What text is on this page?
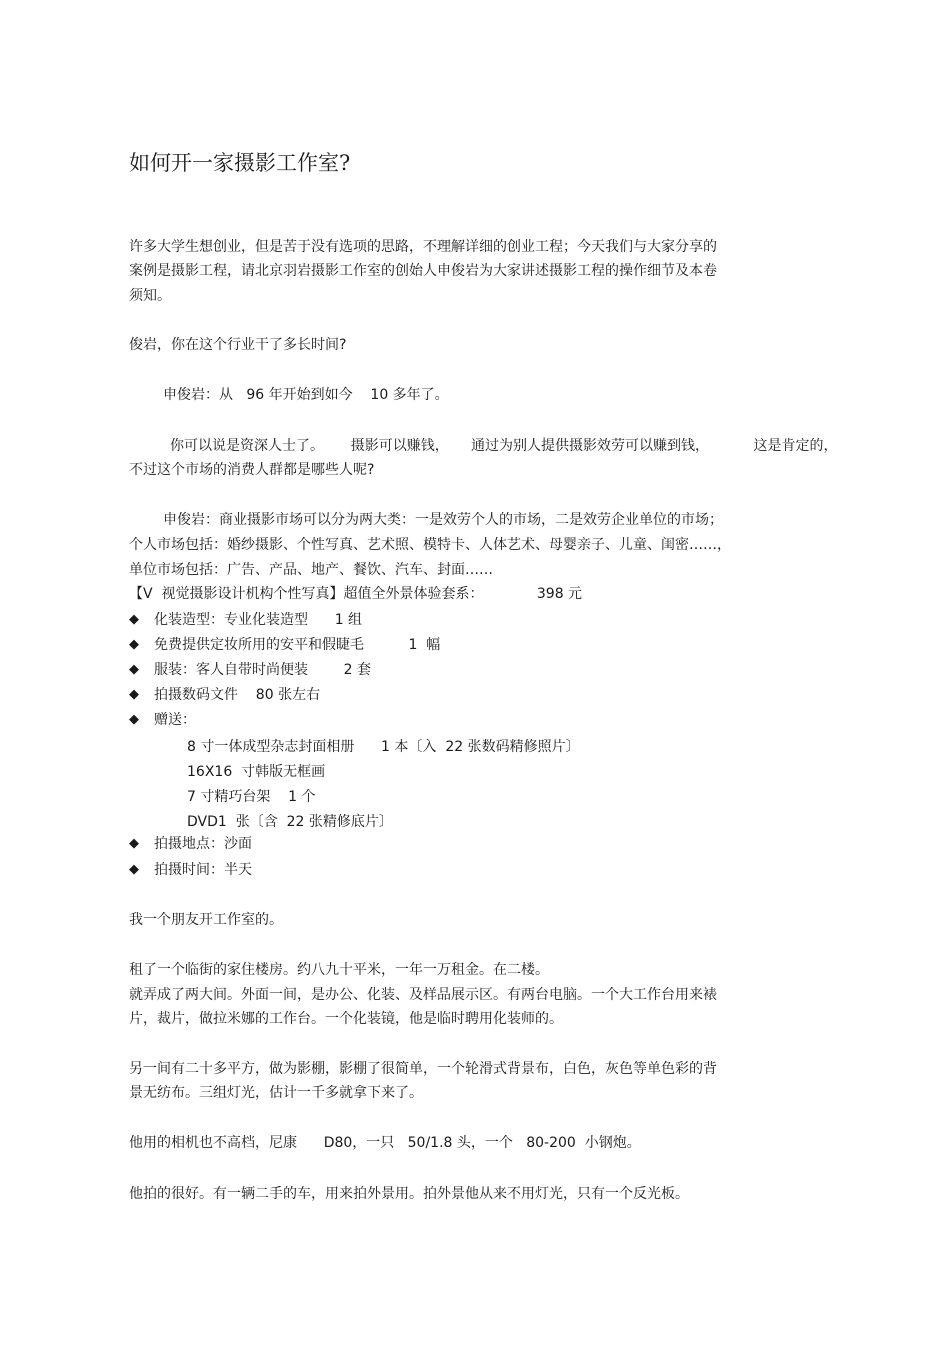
如何开一家摄影工作室?
许多大学生想创业，但是苦于没有选项的思路，不理解详细的创业工程；今天我们与大家分享的
案例是摄影工程，请北京羽岩摄影工作室的创始人申俊岩为大家讲述摄影工程的操作细节及本卷
须知。
俊岩，你在这个行业干了多长时间?
申俊岩：从   96 年开始到如今    10 多年了。
你可以说是资深人士了。      摄影可以赚钱，     通过为别人提供摄影效劳可以赚到钱，          这是肯定的，
不过这个市场的消费人群都是哪些人呢?
申俊岩：商业摄影市场可以分为两大类：一是效劳个人的市场，二是效劳企业单位的市场；
个人市场包括：婚纱摄影、个性写真、艺术照、模特卡、人体艺术、母婴亲子、儿童、闺密……，
单位市场包括：广告、产品、地产、餐饮、汽车、封面……
【V  视觉摄影设计机构个性写真】超值全外景体验套系：            398 元
◆ 化装造型：专业化装造型      1 组
◆ 免费提供定妆所用的安平和假睫毛          1  幅
◆ 服装：客人自带时尚便装        2 套
◆ 拍摄数码文件    80 张左右
◆ 赠送：
8 寸一体成型杂志封面相册      1 本〔入  22 张数码精修照片〕
16X16  寸韩版无框画
7 寸精巧台架    1 个
DVD1  张〔含  22 张精修底片〕
◆ 拍摄地点：沙面
◆ 拍摄时间：半天
我一个朋友开工作室的。
租了一个临街的家住楼房。约八九十平米，一年一万租金。在二楼。
就弄成了两大间。外面一间，是办公、化装、及样品展示区。有两台电脑。一个大工作台用来裱
片，裁片，做拉米娜的工作台。一个化装镜，他是临时聘用化装师的。
另一间有二十多平方，做为影棚，影棚了很简单，一个轮滑式背景布，白色，灰色等单色彩的背
景无纺布。三组灯光，估计一千多就拿下来了。
他用的相机也不高档，尼康      D80，一只   50/1.8 头，一个   80-200  小钢炮。
他拍的很好。有一辆二手的车，用来拍外景用。拍外景他从来不用灯光，只有一个反光板。
